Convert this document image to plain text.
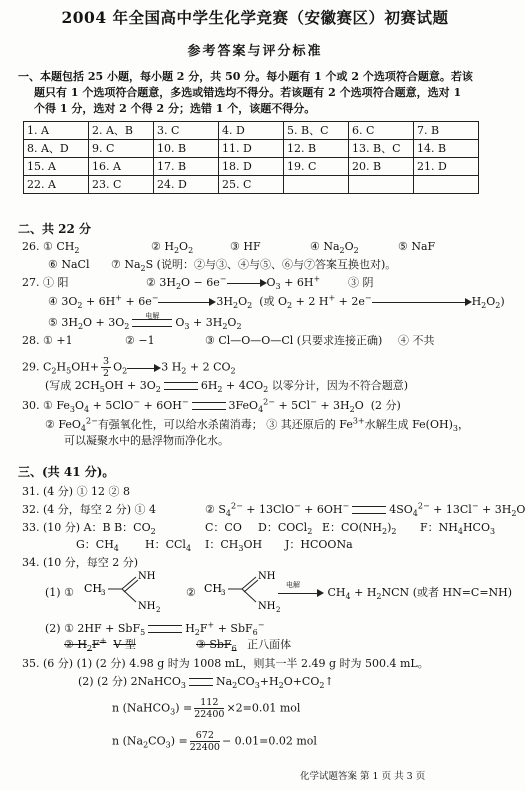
2004 年全国高中学生化学竞赛（安徽赛区）初赛试题
参考答案与评分标准
一、本题包括 25 小题，每小题 2 分，共 50 分。每小题有 1 个或 2 个选项符合题意。若该
题只有 1 个选项符合题意，多选或错选均不得分。若该题有 2 个选项符合题意，选对 1
个得 1 分，选对 2 个得 2 分；选错 1 个，该题不得分。
1. A	2. A、B	3. C	4. D	5. B、C	6. C	7. B
8. A、D	9. C	10. B	11. D	12. B	13. B、C	14. B
15. A	16. A	17. B	18. D	19. C	20. B	21. D
22. A	23. C	24. D	25. C			
二、共 22 分
26. ① $CH_2$	② $H_2O_2$	③ HF	④ $Na_2O_2$	⑤ NaF
⑥ NaCl ⑦ $Na_2S$ (说明：②与③、④与⑤、⑥与⑦答案互换也对)。
27. ① 阳	② $3H_2O - 6e^-$	$O_3 + 6H^+$	③ 阴
④ $3O_2 + 6H^+ + 6e^-$	$3H_2O_2$ (或 $O_2 + 2$ H+ + 2e−	$H_2O_2$)
⑤ $3H_2O + 3O_2$
电解	$O_3 + 3H_2O_2$
28. ① +1	② −1	③ Cl—O—O—Cl (只要求连接正确) ④ 不共
29. $C_2H_5OH+ \frac{3}{2} O_2$	3 $H_2 + 2$ $CO_2$
(写成 $2CH_5OH + 3O_2$	$6H_2 + 4CO_2$ 以零分计，因为不符合题意)
30. ① $Fe_3O_4 + 5ClO^- + 6OH^-$	$3FeO_4^{2-} + 5Cl^- + 3H_2O$  (2 分)
② FeO$_4^{2-}$有强氧化性，可以给水杀菌消毒； ③ 其还原后的 $Fe^{3+}$水解生成 $Fe(OH)_3$，
可以凝聚水中的悬浮物而净化水。
三、(共 41 分)。
31. (4 分) ① 12 ② 8
32. (4 分，每空 2 分) ① 4	② $S_4^{2-} + 13ClO^- + 6OH^-$	$4SO_4^{2-} + 13Cl^- + 3H_2O$
33. (10 分) A：B B：$CO_2$	C：CO D：COCl$_2$ E：$CO(NH_2)_2$ F：$NH_4HCO_3$
G：$CH_4$ H：CCl$_4$ I：$CH_3OH$ J：HCOONa
34. (10 分，每空 2 分)
(1) ① CH
3
NH
NH 2
② CH
3
NH
NH 2
电解
$CH_4 + H_2NCN$ (或者 HN=C=NH)
(2) ① 2HF + SbF$_5$	$H_2F^+ + SbF_6^-$
② $H_2F^+$ V 型	③ SbF$_6$ 正八面体
35. (6 分) (1) (2 分) 4.98 g 时为 1008 mL，则其一半 2.49 g 时为 500.4 mL。
(2) (2 分) 2NaHCO$_3$	$Na_2CO_3+H_2O+CO_2↑$
n (NaHCO$_3$) = $\frac{112}{22400} \times 2=0.01$ mol
n $(Na_2CO_3) = \frac{672}{22400} - 0.01=0.02$ mol
化学试题答案 第 1 页 共 3 页
